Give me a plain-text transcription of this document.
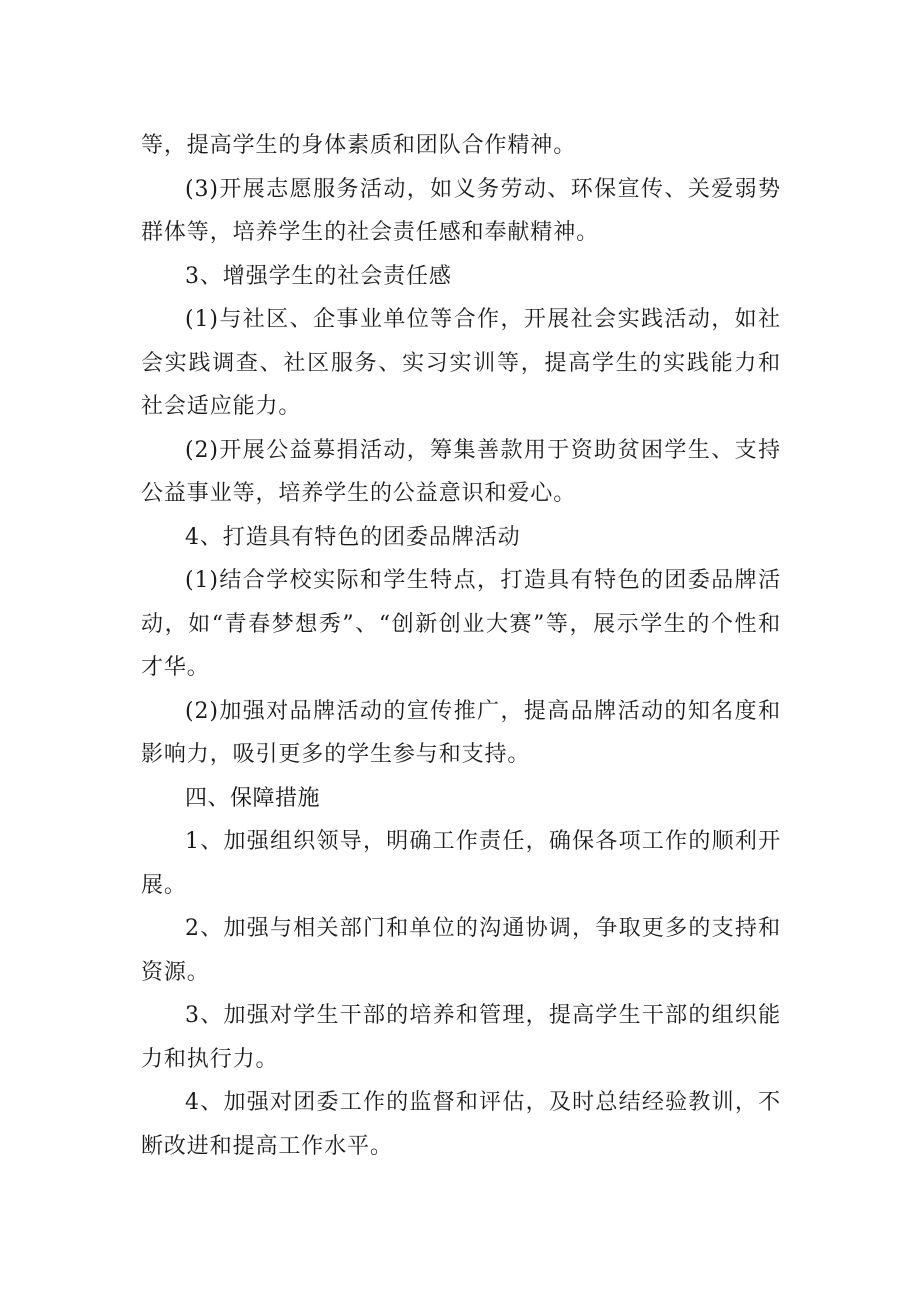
等，提高学生的身体素质和团队合作精神。

(3)开展志愿服务活动，如义务劳动、环保宣传、关爱弱势群体等，培养学生的社会责任感和奉献精神。

3、增强学生的社会责任感

(1)与社区、企事业单位等合作，开展社会实践活动，如社会实践调查、社区服务、实习实训等，提高学生的实践能力和社会适应能力。

(2)开展公益募捐活动，筹集善款用于资助贫困学生、支持公益事业等，培养学生的公益意识和爱心。

4、打造具有特色的团委品牌活动

(1)结合学校实际和学生特点，打造具有特色的团委品牌活动，如“青春梦想秀”、“创新创业大赛”等，展示学生的个性和才华。

(2)加强对品牌活动的宣传推广，提高品牌活动的知名度和影响力，吸引更多的学生参与和支持。

四、保障措施

1、加强组织领导，明确工作责任，确保各项工作的顺利开展。

2、加强与相关部门和单位的沟通协调，争取更多的支持和资源。

3、加强对学生干部的培养和管理，提高学生干部的组织能力和执行力。

4、加强对团委工作的监督和评估，及时总结经验教训，不断改进和提高工作水平。
